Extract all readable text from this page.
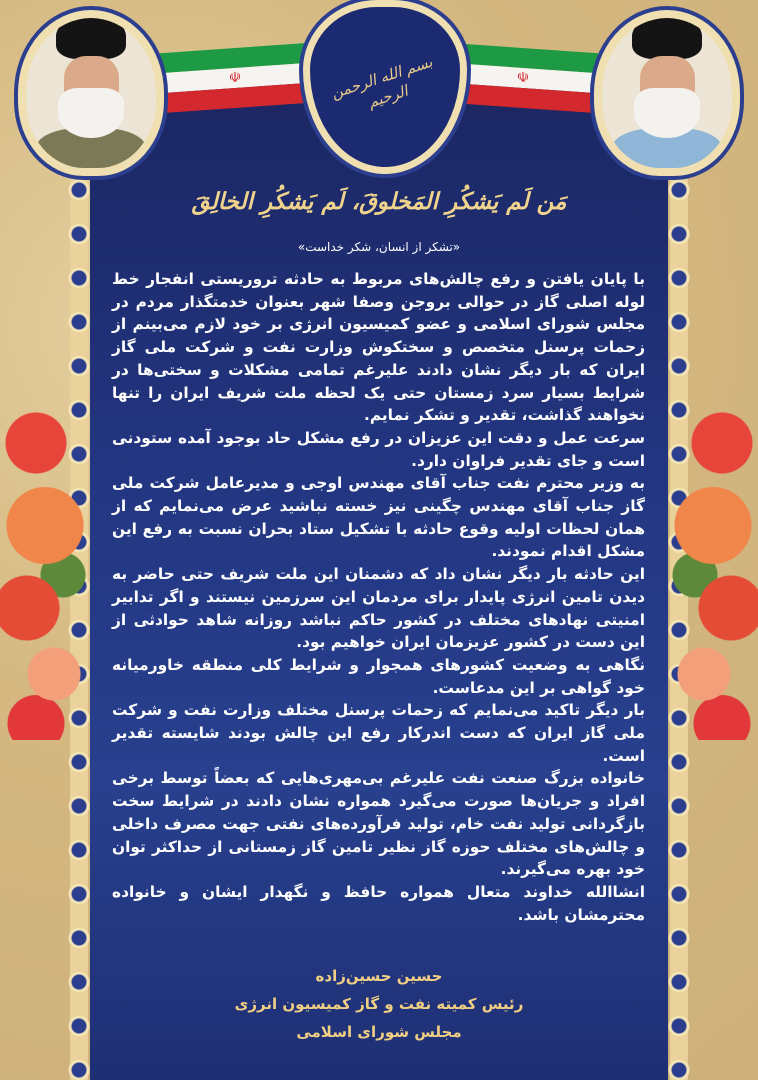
☫	☫
بسم الله الرحمن الرحیم
مَن لَم یَشکُرِ المَخلوقَ، لَم یَشکُرِ الخالِقَ
«تشکر از انسان، شکر خداست»

با پایان یافتن و رفع چالش‌های مربوط به حادثه تروریستی انفجار خط لوله اصلی گاز در حوالی بروجن وصفا شهر بعنوان خدمتگذار مردم در مجلس شورای اسلامی و عضو کمیسیون انرژی بر خود لازم می‌بینم از زحمات پرسنل متخصص و سختکوش وزارت نفت و شرکت ملی گاز ایران که بار دیگر نشان دادند علیرغم تمامی مشکلات و سختی‌ها در شرایط بسیار سرد زمستان حتی یک لحظه ملت شریف ایران را تنها نخواهند گذاشت، تقدیر و تشکر نمایم.

سرعت عمل و دقت این عزیزان در رفع مشکل حاد بوجود آمده ستودنی است و جای تقدیر فراوان دارد.

به وزیر محترم نفت جناب آقای مهندس اوجی و مدیرعامل شرکت ملی گاز جناب آقای مهندس چگینی نیز خسته نباشید عرض می‌نمایم که از همان لحظات اولیه وقوع حادثه با تشکیل ستاد بحران نسبت به رفع این مشکل اقدام نمودند.

این حادثه بار دیگر نشان داد که دشمنان این ملت شریف حتی حاضر به دیدن تامین انرژی پایدار برای مردمان این سرزمین نیستند و اگر تدابیر امنیتی نهادهای مختلف در کشور حاکم نباشد روزانه شاهد حوادثی از این دست در کشور عزیزمان ایران خواهیم بود.

نگاهی به وضعیت کشورهای همجوار و شرایط کلی منطقه خاورمیانه خود گواهی بر این مدعاست.

بار دیگر تاکید می‌نمایم که زحمات پرسنل مختلف وزارت نفت و شرکت ملی گاز ایران که دست اندرکار رفع این چالش بودند شایسته تقدیر است.

خانواده بزرگ صنعت نفت علیرغم بی‌مهری‌هایی که بعضاً توسط برخی افراد و جریان‌ها صورت می‌گیرد همواره نشان دادند در شرایط سخت بازگردانی تولید نفت خام، تولید فرآورده‌های نفتی جهت مصرف داخلی و چالش‌های مختلف حوزه گاز نظیر تامین گاز زمستانی از حداکثر توان خود بهره می‌گیرند.

انشاالله خداوند متعال همواره حافظ و نگهدار ایشان و خانواده محترمشان باشد.

حسین حسین‌زاده
رئیس کمیته نفت و گاز کمیسیون انرژی
مجلس شورای اسلامی
